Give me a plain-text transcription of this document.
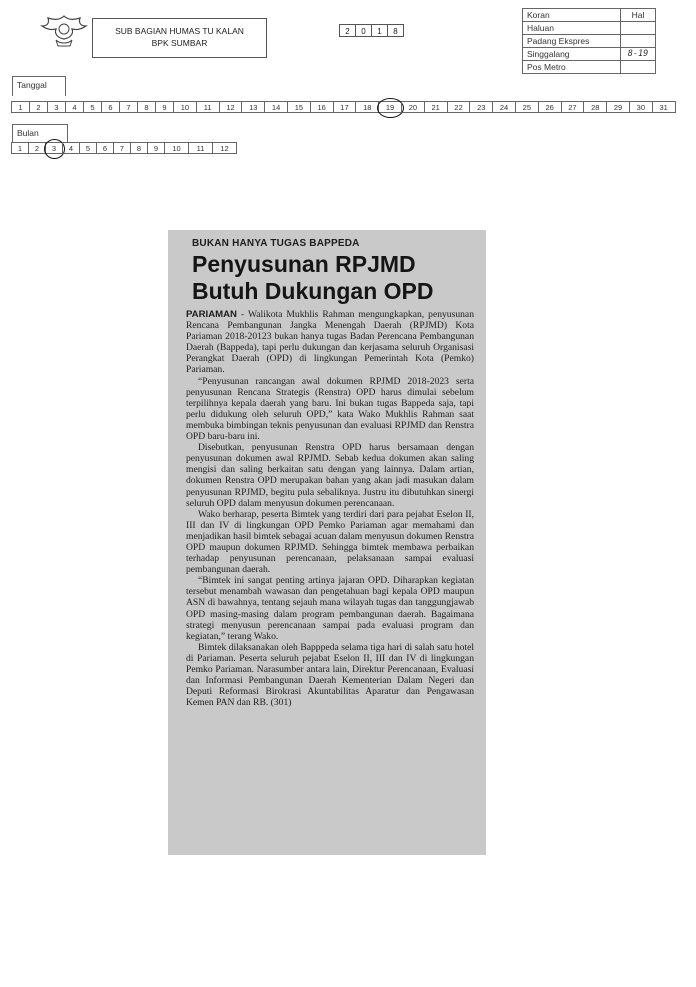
SUB BAGIAN HUMAS TU KALAN
BPK SUMBAR
2	0	1	8
Koran	Hal
Haluan	
Padang Ekspres	
Singgalang	8-19
Pos Metro	
Tanggal
1	2	3	4	5	6	7	8	9	10	11	12	13	14	15	16	17	18	19	20	21	22	23	24	25	26	27	28	29	30	31
Bulan
1	2	3	4	5	6	7	8	9	10	11	12
BUKAN HANYA TUGAS BAPPEDA
Penyusunan RPJMD
Butuh Dukungan OPD

PARIAMAN - Walikota Mukhlis Rahman mengungkapkan, penyusunan Rencana Pembangunan Jangka Menengah Daerah (RPJMD) Kota Pariaman 2018-20123 bukan hanya tugas Badan Perencana Pembangunan Daerah (Bappeda), tapi perlu dukungan dan kerjasama seluruh Organisasi Perangkat Daerah (OPD) di lingkungan Pemerintah Kota (Pemko) Pariaman.

“Penyusunan rancangan awal dokumen RPJMD 2018-2023 serta penyusunan Rencana Strategis (Renstra) OPD harus dimulai sebelum terpilihnya kepala daerah yang baru. Ini bukan tugas Bappeda saja, tapi perlu didukung oleh seluruh OPD,” kata Wako Mukhlis Rahman saat membuka bimbingan teknis penyusunan dan evaluasi RPJMD dan Renstra OPD baru-baru ini.

Disebutkan, penyusunan Renstra OPD harus bersamaan dengan penyusunan dokumen awal RPJMD. Sebab kedua dokumen akan saling mengisi dan saling berkaitan satu dengan yang lainnya. Dalam artian, dokumen Renstra OPD merupakan bahan yang akan jadi masukan dalam penyusunan RPJMD, begitu pula sebaliknya. Justru itu dibutuhkan sinergi seluruh OPD dalam menyusun dokumen perencanaan.

Wako berharap, peserta Bimtek yang terdiri dari para pejabat Eselon II, III dan IV di lingkungan OPD Pemko Pariaman agar memahami dan menjadikan hasil bimtek sebagai acuan dalam menyusun dokumen Renstra OPD maupun dokumen RPJMD. Sehingga bimtek membawa perbaikan terhadap penyusunan perencanaan, pelaksanaan sampai evaluasi pembangunan daerah.

“Bimtek ini sangat penting artinya jajaran OPD. Diharapkan kegiatan tersebut menambah wawasan dan pengetahuan bagi kepala OPD maupun ASN di bawahnya, tentang sejauh mana wilayah tugas dan tanggungjawab OPD masing-masing dalam program pembangunan daerah. Bagaimana strategi menyusun perencanaan sampai pada evaluasi program dan kegiatan,” terang Wako.

Bimtek dilaksanakan oleh Bapppeda selama tiga hari di salah satu hotel di Pariaman. Peserta seluruh pejabat Eselon II, III dan IV di lingkungan Pemko Pariaman. Narasumber antara lain, Direktur Perencanaan, Evaluasi dan Informasi Pembangunan Daerah Kementerian Dalam Negeri dan Deputi Reformasi Birokrasi Akuntabilitas Aparatur dan Pengawasan Kemen PAN dan RB. (301)
